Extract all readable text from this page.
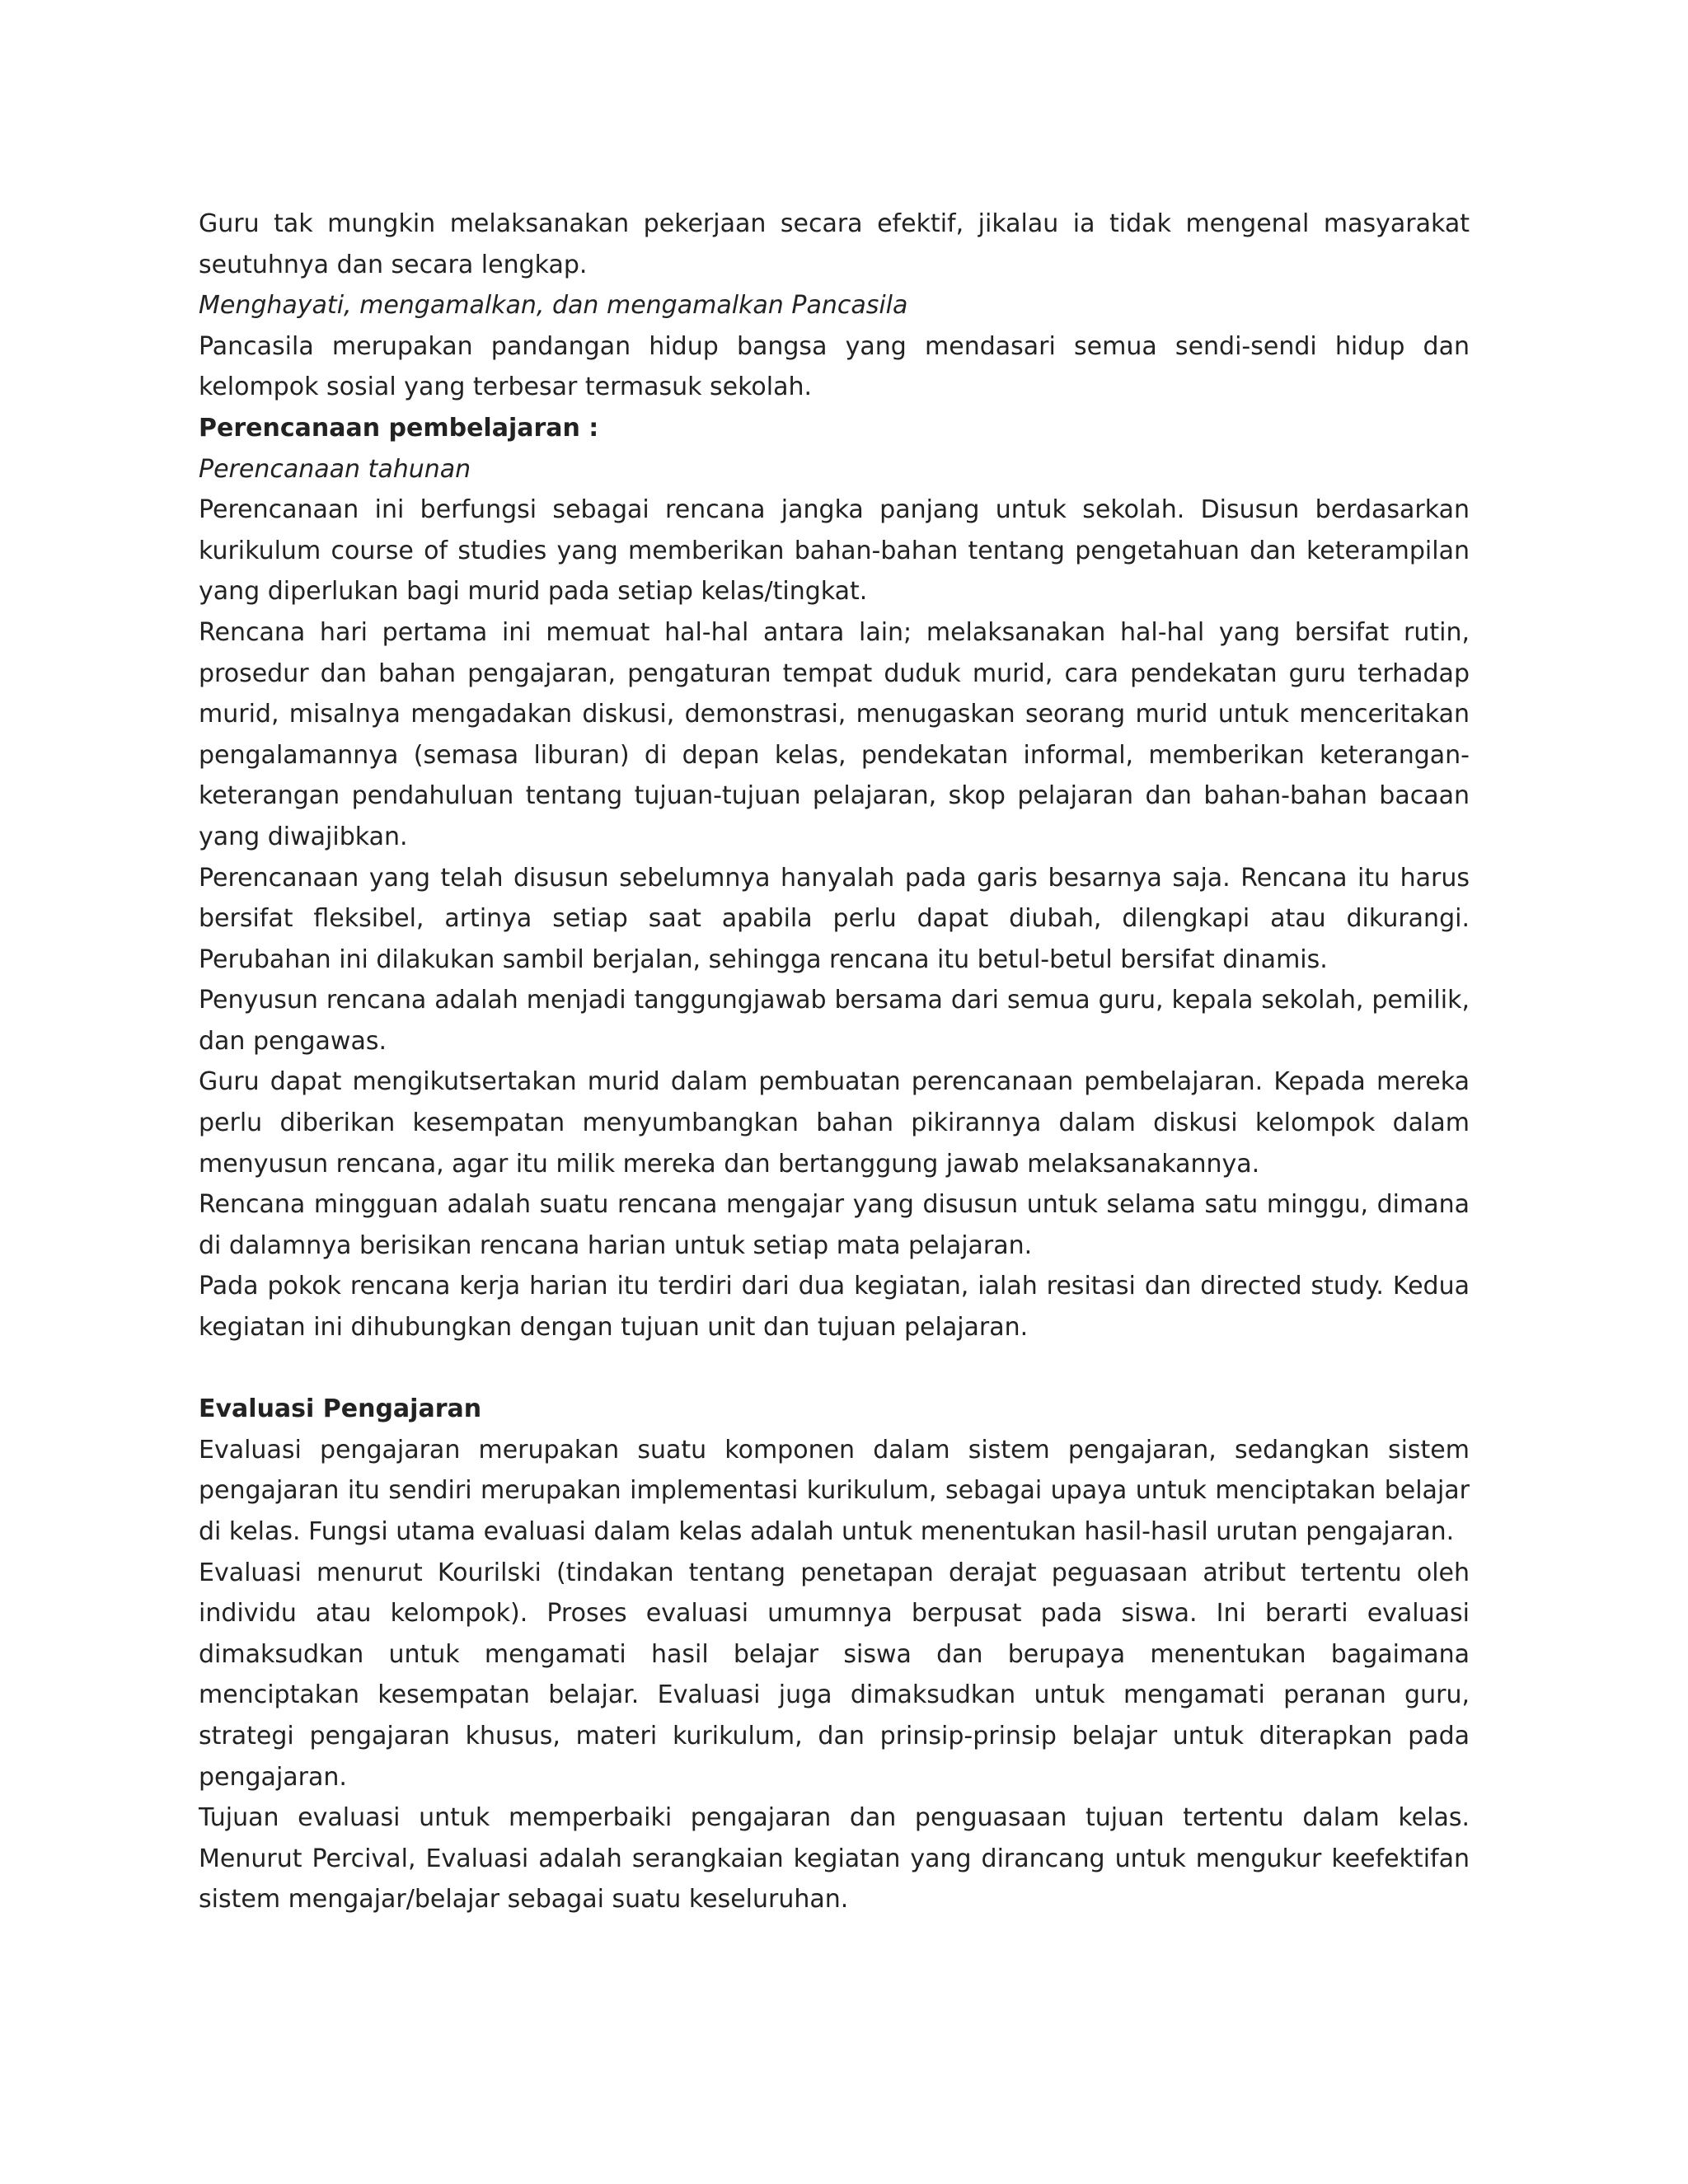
Guru tak mungkin melaksanakan pekerjaan secara efektif, jikalau ia tidak mengenal masyarakat seutuhnya dan secara lengkap.

Menghayati, mengamalkan, dan mengamalkan Pancasila

Pancasila merupakan pandangan hidup bangsa yang mendasari semua sendi-sendi hidup dan kelompok sosial yang terbesar termasuk sekolah.

Perencanaan pembelajaran :

Perencanaan tahunan

Perencanaan ini berfungsi sebagai rencana jangka panjang untuk sekolah. Disusun berdasarkan kurikulum course of studies yang memberikan bahan-bahan tentang pengetahuan dan keterampilan yang diperlukan bagi murid pada setiap kelas/tingkat.

Rencana hari pertama ini memuat hal-hal antara lain; melaksanakan hal-hal yang bersifat rutin, prosedur dan bahan pengajaran, pengaturan tempat duduk murid, cara pendekatan guru terhadap murid, misalnya mengadakan diskusi, demonstrasi, menugaskan seorang murid untuk menceritakan pengalamannya (semasa liburan) di depan kelas, pendekatan informal, memberikan keterangan-keterangan pendahuluan tentang tujuan-tujuan pelajaran, skop pelajaran dan bahan-bahan bacaan yang diwajibkan.

Perencanaan yang telah disusun sebelumnya hanyalah pada garis besarnya saja. Rencana itu harus bersifat fleksibel, artinya setiap saat apabila perlu dapat diubah, dilengkapi atau dikurangi. Perubahan ini dilakukan sambil berjalan, sehingga rencana itu betul-betul bersifat dinamis.

Penyusun rencana adalah menjadi tanggungjawab bersama dari semua guru, kepala sekolah, pemilik, dan pengawas.

Guru dapat mengikutsertakan murid dalam pembuatan perencanaan pembelajaran. Kepada mereka perlu diberikan kesempatan menyumbangkan bahan pikirannya dalam diskusi kelompok dalam menyusun rencana, agar itu milik mereka dan bertanggung jawab melaksanakannya.

Rencana mingguan adalah suatu rencana mengajar yang disusun untuk selama satu minggu, dimana di dalamnya berisikan rencana harian untuk setiap mata pelajaran.

Pada pokok rencana kerja harian itu terdiri dari dua kegiatan, ialah resitasi dan directed study. Kedua kegiatan ini dihubungkan dengan tujuan unit dan tujuan pelajaran.

Evaluasi Pengajaran

Evaluasi pengajaran merupakan suatu komponen dalam sistem pengajaran, sedangkan sistem pengajaran itu sendiri merupakan implementasi kurikulum, sebagai upaya untuk menciptakan belajar di kelas. Fungsi utama evaluasi dalam kelas adalah untuk menentukan hasil-hasil urutan pengajaran.

Evaluasi menurut Kourilski (tindakan tentang penetapan derajat peguasaan atribut tertentu oleh individu atau kelompok). Proses evaluasi umumnya berpusat pada siswa. Ini berarti evaluasi dimaksudkan untuk mengamati hasil belajar siswa dan berupaya menentukan bagaimana menciptakan kesempatan belajar. Evaluasi juga dimaksudkan untuk mengamati peranan guru, strategi pengajaran khusus, materi kurikulum, dan prinsip-prinsip belajar untuk diterapkan pada pengajaran.

Tujuan evaluasi untuk memperbaiki pengajaran dan penguasaan tujuan tertentu dalam kelas. Menurut Percival, Evaluasi adalah serangkaian kegiatan yang dirancang untuk mengukur keefektifan sistem mengajar/belajar sebagai suatu keseluruhan.
